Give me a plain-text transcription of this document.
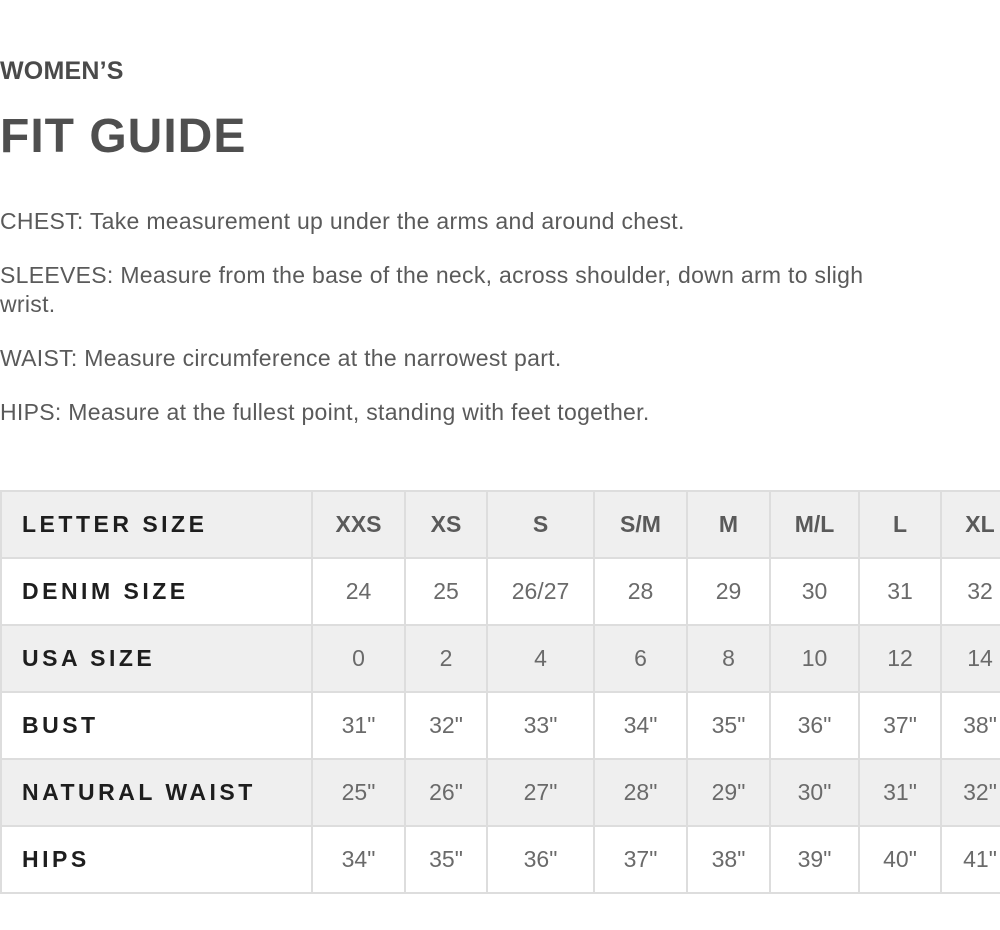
WOMEN’S
FIT GUIDE
CHEST: Take measurement up under the arms and around chest.
SLEEVES: Measure from the base of the neck, across shoulder, down arm to sligh
wrist.
WAIST: Measure circumference at the narrowest part.
HIPS: Measure at the fullest point, standing with feet together.
LETTER SIZE	XXS	XS	S	S/M	M	M/L	L	XL
DENIM SIZE	24	25	26/27	28	29	30	31	32
USA SIZE	0	2	4	6	8	10	12	14
BUST	31"	32"	33"	34"	35"	36"	37"	38"
NATURAL WAIST	25"	26"	27"	28"	29"	30"	31"	32"
HIPS	34"	35"	36"	37"	38"	39"	40"	41"
